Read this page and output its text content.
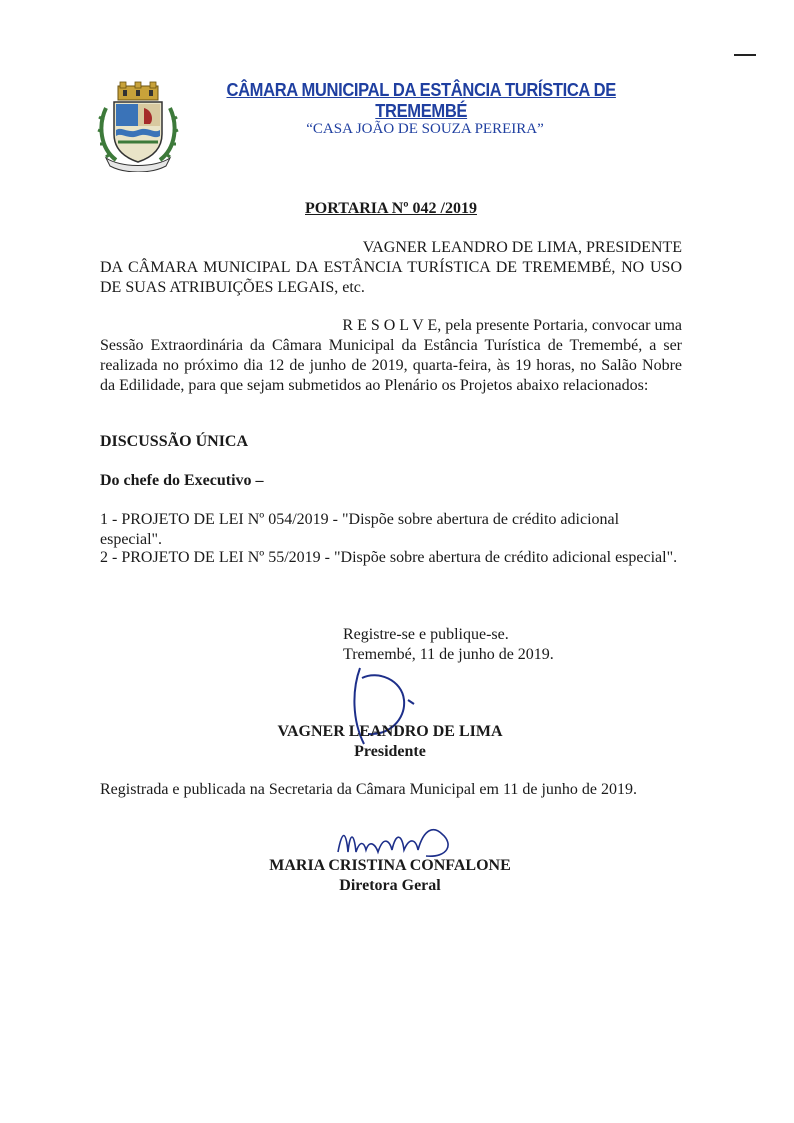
CÂMARA MUNICIPAL DA ESTÂNCIA TURÍSTICA DE TREMEMBÉ
“CASA JOÃO DE SOUZA PEREIRA”
PORTARIA Nº 042 /2019
VAGNER LEANDRO DE LIMA, PRESIDENTE
DA CÂMARA MUNICIPAL DA ESTÂNCIA TURÍSTICA DE TREMEMBÉ, NO USO DE SUAS ATRIBUIÇÕES LEGAIS, etc.
R E S O L V E, pela presente Portaria, convocar uma
Sessão Extraordinária da Câmara Municipal da Estância Turística de Tremembé, a ser realizada no próximo dia 12 de junho de 2019, quarta-feira, às 19 horas, no Salão Nobre da Edilidade, para que sejam submetidos ao Plenário os Projetos abaixo relacionados:
DISCUSSÃO ÚNICA
Do chefe do Executivo –
1 - PROJETO DE LEI Nº 054/2019 - "Dispõe sobre abertura de crédito adicional especial".
2 - PROJETO DE LEI Nº 55/2019 - "Dispõe sobre abertura de crédito adicional especial".
Registre-se e publique-se.
Tremembé, 11 de junho de 2019.
VAGNER LEANDRO DE LIMA
Presidente
Registrada e publicada na Secretaria da Câmara Municipal em 11 de junho de 2019.
MARIA CRISTINA CONFALONE
Diretora Geral
